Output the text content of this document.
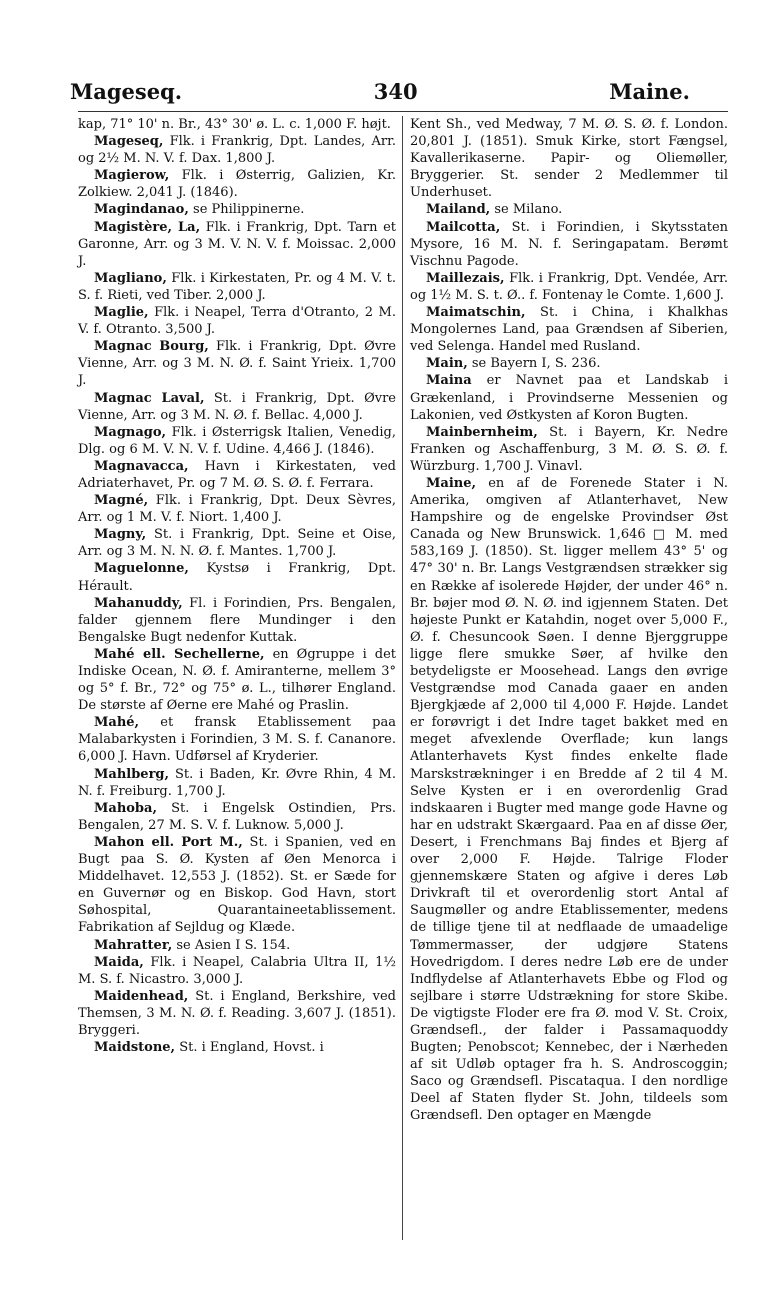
Mageseq.	340	Maine.

kap, 71° 10' n. Br., 43° 30' ø. L. c. 1,000 F. højt.

Mageseq, Flk. i Frankrig, Dpt. Landes, Arr. og 2½ M. N. V. f. Dax. 1,800 J.

Magierow, Flk. i Østerrig, Galizien, Kr. Zolkiew. 2,041 J. (1846).

Magindanao, se Philippinerne.

Magistère, La, Flk. i Frankrig, Dpt. Tarn et Garonne, Arr. og 3 M. V. N. V. f. Moissac. 2,000 J.

Magliano, Flk. i Kirkestaten, Pr. og 4 M. V. t. S. f. Rieti, ved Tiber. 2,000 J.

Maglie, Flk. i Neapel, Terra d'Otranto, 2 M. V. f. Otranto. 3,500 J.

Magnac Bourg, Flk. i Frankrig, Dpt. Øvre Vienne, Arr. og 3 M. N. Ø. f. Saint Yrieix. 1,700 J.

Magnac Laval, St. i Frankrig, Dpt. Øvre Vienne, Arr. og 3 M. N. Ø. f. Bellac. 4,000 J.

Magnago, Flk. i Østerrigsk Italien, Venedig, Dlg. og 6 M. V. N. V. f. Udine. 4,466 J. (1846).

Magnavacca, Havn i Kirkestaten, ved Adriaterhavet, Pr. og 7 M. Ø. S. Ø. f. Ferrara.

Magné, Flk. i Frankrig, Dpt. Deux Sèvres, Arr. og 1 M. V. f. Niort. 1,400 J.

Magny, St. i Frankrig, Dpt. Seine et Oise, Arr. og 3 M. N. N. Ø. f. Mantes. 1,700 J.

Maguelonne, Kystsø i Frankrig, Dpt. Hérault.

Mahanuddy, Fl. i Forindien, Prs. Bengalen, falder gjennem flere Mundinger i den Bengalske Bugt nedenfor Kuttak.

Mahé ell. Sechellerne, en Øgruppe i det Indiske Ocean, N. Ø. f. Amiranterne, mellem 3° og 5° f. Br., 72° og 75° ø. L., tilhører England. De største af Øerne ere Mahé og Praslin.

Mahé, et fransk Etablissement paa Malabarkysten i Forindien, 3 M. S. f. Cananore. 6,000 J. Havn. Udførsel af Kryderier.

Mahlberg, St. i Baden, Kr. Øvre Rhin, 4 M. N. f. Freiburg. 1,700 J.

Mahoba, St. i Engelsk Ostindien, Prs. Bengalen, 27 M. S. V. f. Luknow. 5,000 J.

Mahon ell. Port M., St. i Spanien, ved en Bugt paa S. Ø. Kysten af Øen Menorca i Middelhavet. 12,553 J. (1852). St. er Sæde for en Guvernør og en Biskop. God Havn, stort Søhospital, Quarantaineetablissement. Fabrikation af Sejldug og Klæde.

Mahratter, se Asien I S. 154.

Maida, Flk. i Neapel, Calabria Ultra II, 1½ M. S. f. Nicastro. 3,000 J.

Maidenhead, St. i England, Berkshire, ved Themsen, 3 M. N. Ø. f. Reading. 3,607 J. (1851). Bryggeri.

Maidstone, St. i England, Hovst. i

Kent Sh., ved Medway, 7 M. Ø. S. Ø. f. London. 20,801 J. (1851). Smuk Kirke, stort Fængsel, Kavallerikaserne. Papir- og Oliemøller, Bryggerier. St. sender 2 Medlemmer til Underhuset.

Mailand, se Milano.

Mailcotta, St. i Forindien, i Skytsstaten Mysore, 16 M. N. f. Seringapatam. Berømt Vischnu Pagode.

Maillezais, Flk. i Frankrig, Dpt. Vendée, Arr. og 1½ M. S. t. Ø.. f. Fontenay le Comte. 1,600 J.

Maimatschin, St. i China, i Khalkhas Mongolernes Land, paa Grændsen af Siberien, ved Selenga. Handel med Rusland.

Main, se Bayern I, S. 236.

Maina er Navnet paa et Landskab i Grækenland, i Provindserne Messenien og Lakonien, ved Østkysten af Koron Bugten.

Mainbernheim, St. i Bayern, Kr. Nedre Franken og Aschaffenburg, 3 M. Ø. S. Ø. f. Würzburg. 1,700 J. Vinavl.

Maine, en af de Forenede Stater i N. Amerika, omgiven af Atlanterhavet, New Hampshire og de engelske Provindser Øst Canada og New Brunswick. 1,646 □ M. med 583,169 J. (1850). St. ligger mellem 43° 5' og 47° 30' n. Br. Langs Vestgrændsen strækker sig en Række af isolerede Højder, der under 46° n. Br. bøjer mod Ø. N. Ø. ind igjennem Staten. Det højeste Punkt er Katahdin, noget over 5,000 F., Ø. f. Chesuncook Søen. I denne Bjerggruppe ligge flere smukke Søer, af hvilke den betydeligste er Moosehead. Langs den øvrige Vestgrændse mod Canada gaaer en anden Bjergkjæde af 2,000 til 4,000 F. Højde. Landet er forøvrigt i det Indre taget bakket med en meget afvexlende Overflade; kun langs Atlanterhavets Kyst findes enkelte flade Marskstrækninger i en Bredde af 2 til 4 M. Selve Kysten er i en overordenlig Grad indskaaren i Bugter med mange gode Havne og har en udstrakt Skærgaard. Paa en af disse Øer, Desert, i Frenchmans Baj findes et Bjerg af over 2,000 F. Højde. Talrige Floder gjennemskære Staten og afgive i deres Løb Drivkraft til et overordenlig stort Antal af Saugmøller og andre Etablissementer, medens de tillige tjene til at nedflaade de umaadelige Tømmermasser, der udgjøre Statens Hovedrigdom. I deres nedre Løb ere de under Indflydelse af Atlanterhavets Ebbe og Flod og sejlbare i større Udstrækning for store Skibe. De vigtigste Floder ere fra Ø. mod V. St. Croix, Grændsefl., der falder i Passamaquoddy Bugten; Penobscot; Kennebec, der i Nærheden af sit Udløb optager fra h. S. Androscoggin; Saco og Grændsefl. Piscataqua. I den nordlige Deel af Staten flyder St. John, tildeels som Grændsefl. Den optager en Mængde
